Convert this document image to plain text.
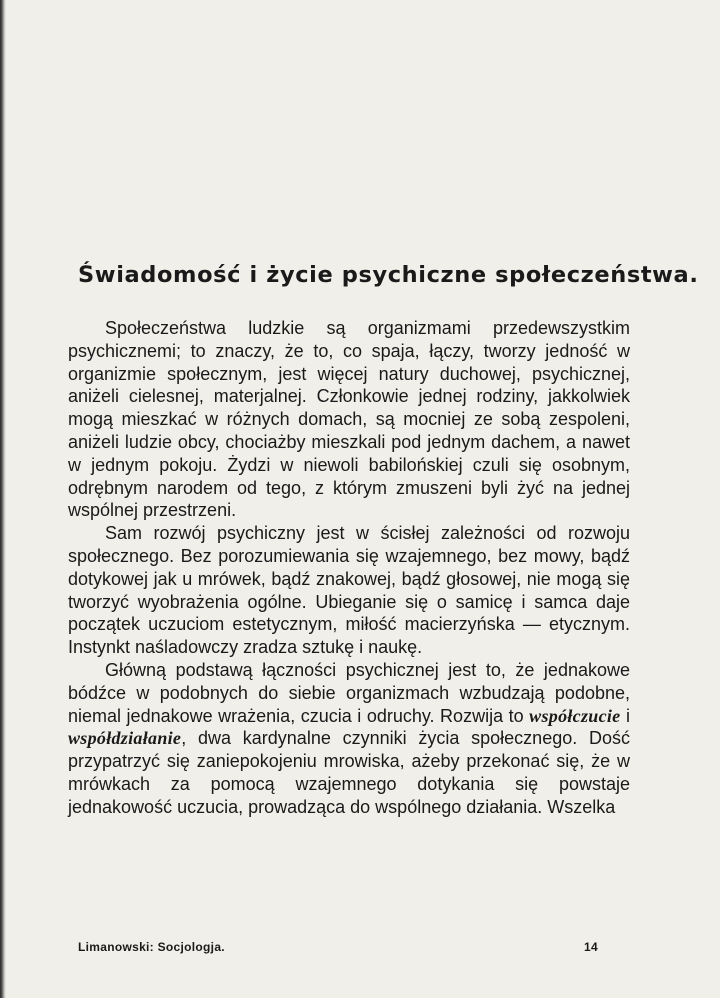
Świadomość i życie psychiczne społeczeństwa.

Społeczeństwa ludzkie są organizmami przedewszystkim psychicznemi; to znaczy, że to, co spaja, łączy, tworzy jedność w organizmie społecznym, jest więcej natury duchowej, psychicznej, aniżeli cielesnej, materjalnej. Członkowie jednej rodziny, jakkolwiek mogą mieszkać w różnych domach, są mocniej ze sobą zespoleni, aniżeli ludzie obcy, chociażby mieszkali pod jednym dachem, a nawet w jednym pokoju. Żydzi w niewoli babilońskiej czuli się osobnym, odrębnym narodem od tego, z którym zmuszeni byli żyć na jednej wspólnej przestrzeni.

Sam rozwój psychiczny jest w ścisłej zależności od rozwoju społecznego. Bez porozumiewania się wzajemnego, bez mowy, bądź dotykowej jak u mrówek, bądź znakowej, bądź głosowej, nie mogą się tworzyć wyobrażenia ogólne. Ubieganie się o samicę i samca daje początek uczuciom estetycznym, miłość macierzyńska — etycznym. Instynkt naśladowczy zradza sztukę i naukę.

Główną podstawą łączności psychicznej jest to, że jednakowe bódźce w podobnych do siebie organizmach wzbudzają podobne, niemal jednakowe wrażenia, czucia i odruchy. Rozwija to współczucie i współdziałanie, dwa kardynalne czynniki życia społecznego. Dość przypatrzyć się zaniepokojeniu mrowiska, ażeby przekonać się, że w mrówkach za pomocą wzajemnego dotykania się powstaje jednakowość uczucia, prowadząca do wspólnego działania. Wszelka

Limanowski: Socjologja.	14
